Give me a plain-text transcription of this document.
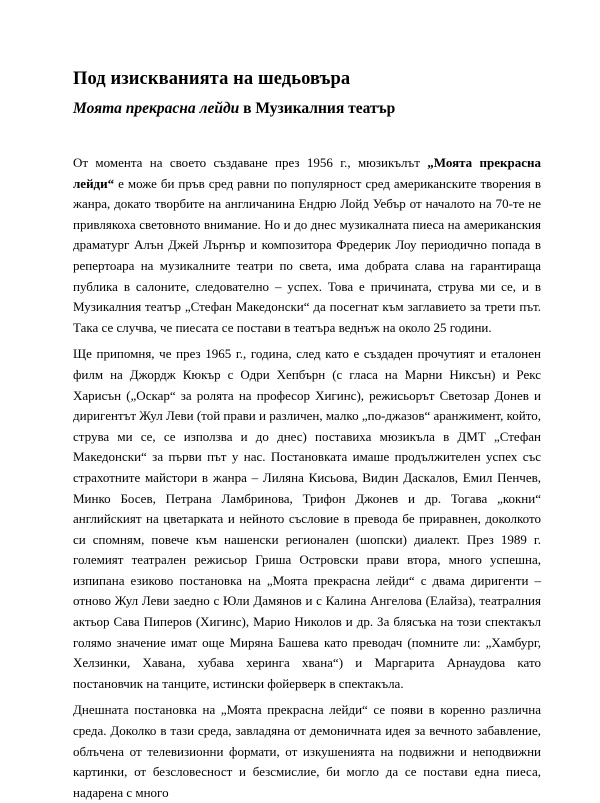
Под изискванията на шедьовъра
Моята прекрасна лейди в Музикалния театър

От момента на своето създаване през 1956 г., мюзикълът „Моята прекрасна лейди“ е може би пръв сред равни по популярност сред американските творения в жанра, докато творбите на англичанина Ендрю Лойд Уебър от началото на 70-те не привлякоха световното внимание. Но и до днес музикалната пиеса на американския драматург Алън Джей Лърнър и композитора Фредерик Лоу периодично попада в репертоара на музикалните театри по света, има добрата слава на гарантираща публика в салоните, следователно – успех. Това е причината, струва ми се, и в Музикалния театър „Стефан Македонски“ да посегнат към заглавието за трети път. Така се случва, че пиесата се постави в театъра веднъж на около 25 години.

Ще припомня, че през 1965 г., година, след като е създаден прочутият и еталонен филм на Джордж Кюкър с Одри Хепбърн (с гласа на Марни Никсън) и Рекс Харисън („Оскар“ за ролята на професор Хигинс), режисьорът Светозар Донев и диригентът Жул Леви (той прави и различен, малко „по-джазов“ аранжимент, който, струва ми се, се използва и до днес) поставиха мюзикъла в ДМТ „Стефан Македонски“ за първи път у нас. Постановката имаше продължителен успех със страхотните майстори в жанра – Лиляна Кисьова, Видин Даскалов, Емил Пенчев, Минко Босев, Петрана Ламбринова, Трифон Джонев и др. Тогава „кокни“ английският на цветарката и нейното съсловие в превода бе приравнен, доколкото си спомням, повече към нашенски регионален (шопски) диалект. През 1989 г. големият театрален режисьор Гриша Островски прави втора, много успешна, изпипана езиково постановка на „Моята прекрасна лейди“ с двама диригенти – отново Жул Леви заедно с Юли Дамянов и с Калина Ангелова (Елайза), театралния актьор Сава Пиперов (Хигинс), Марио Николов и др. За блясъка на този спектакъл голямо значение имат още Миряна Башева като преводач (помните ли: „Хамбург, Хелзинки, Хавана, хубава херинга хвана“) и Маргарита Арнаудова като постановчик на танците, истински фойерверк в спектакъла.

Днешната постановка на „Моята прекрасна лейди“ се появи в коренно различна среда. Доколко в тази среда, завладяна от демоничната идея за вечното забавление, облъчена от телевизионни формати, от изкушенията на подвижни и неподвижни картинки, от безсловесност и безсмислие, би могло да се постави една пиеса, надарена с много
